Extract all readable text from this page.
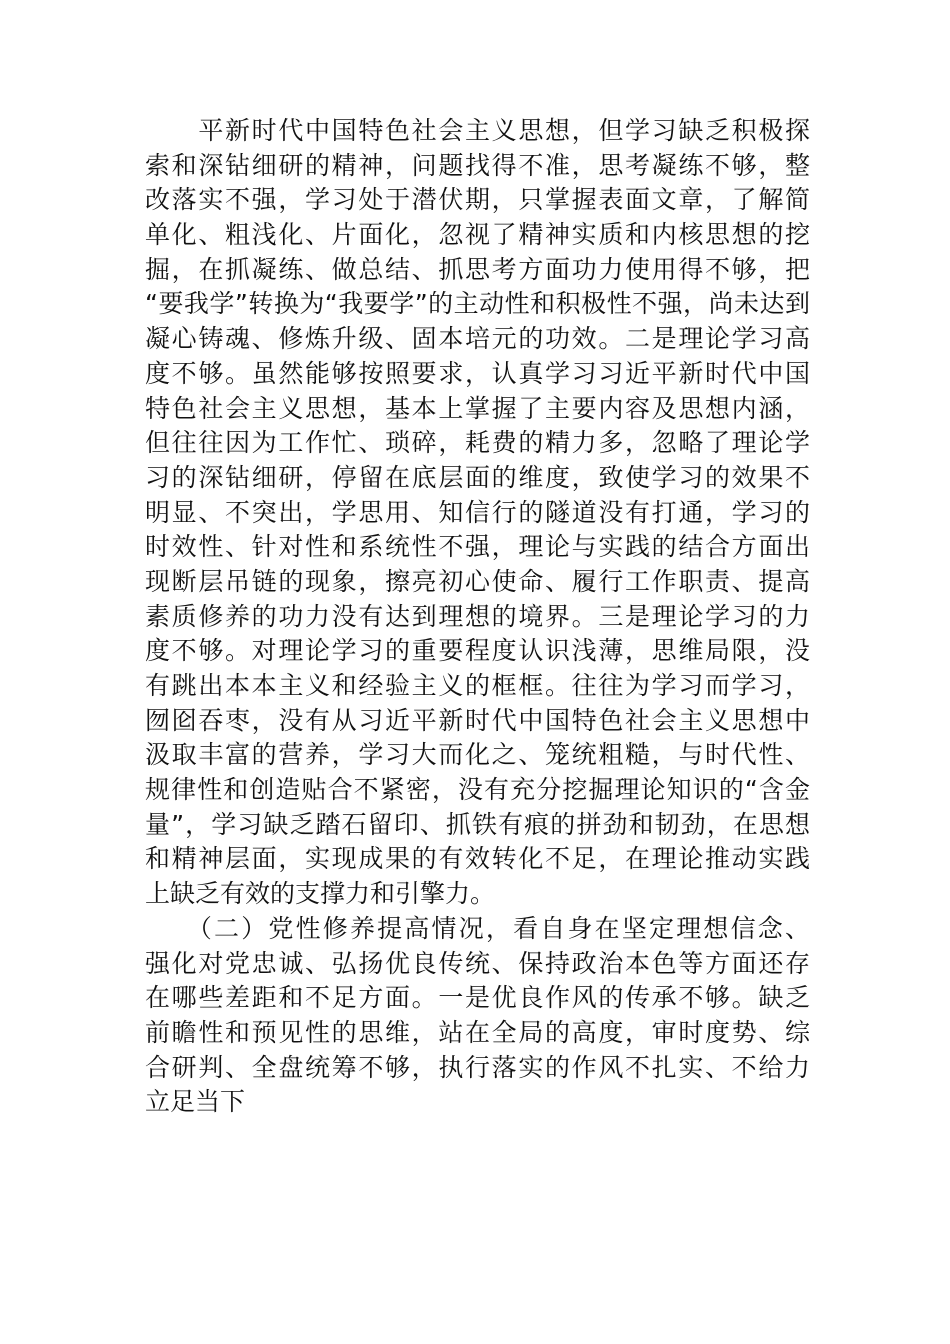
　　平新时代中国特色社会主义思想，但学习缺乏积极探
索和深钻细研的精神，问题找得不准，思考凝练不够，整
改落实不强，学习处于潜伏期，只掌握表面文章，了解简
单化、粗浅化、片面化，忽视了精神实质和内核思想的挖
掘，在抓凝练、做总结、抓思考方面功力使用得不够，把
“要我学”转换为“我要学”的主动性和积极性不强，尚未达到
凝心铸魂、修炼升级、固本培元的功效。二是理论学习高
度不够。虽然能够按照要求，认真学习习近平新时代中国
特色社会主义思想，基本上掌握了主要内容及思想内涵，
但往往因为工作忙、琐碎，耗费的精力多，忽略了理论学
习的深钻细研，停留在底层面的维度，致使学习的效果不
明显、不突出，学思用、知信行的隧道没有打通，学习的
时效性、针对性和系统性不强，理论与实践的结合方面出
现断层吊链的现象，擦亮初心使命、履行工作职责、提高
素质修养的功力没有达到理想的境界。三是理论学习的力
度不够。对理论学习的重要程度认识浅薄，思维局限，没
有跳出本本主义和经验主义的框框。往往为学习而学习，
囫囵吞枣，没有从习近平新时代中国特色社会主义思想中
汲取丰富的营养，学习大而化之、笼统粗糙，与时代性、
规律性和创造贴合不紧密，没有充分挖掘理论知识的“含金
量”，学习缺乏踏石留印、抓铁有痕的拼劲和韧劲，在思想
和精神层面，实现成果的有效转化不足，在理论推动实践
上缺乏有效的支撑力和引擎力。
　　（二）党性修养提高情况，看自身在坚定理想信念、
强化对党忠诚、弘扬优良传统、保持政治本色等方面还存
在哪些差距和不足方面。一是优良作风的传承不够。缺乏
前瞻性和预见性的思维，站在全局的高度，审时度势、综
合研判、全盘统筹不够，执行落实的作风不扎实、不给力
立足当下
